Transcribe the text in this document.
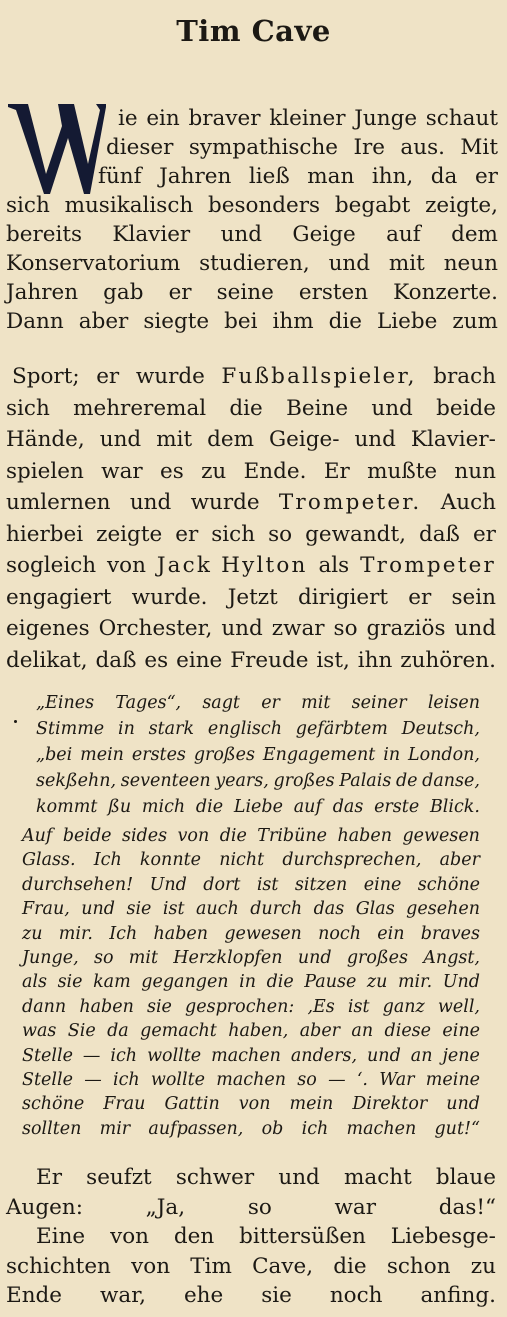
Tim Cave
ie ein braver kleiner Junge schaut
dieser sympathische Ire aus. Mit
fünf Jahren ließ man ihn, da er
sich musikalisch besonders begabt zeigte,
bereits Klavier und Geige auf dem
Konservatorium studieren, und mit neun
Jahren gab er seine ersten Konzerte.
Dann aber siegte bei ihm die Liebe zum
Sport; er wurde Fußballspieler, brach
sich mehreremal die Beine und beide
Hände, und mit dem Geige- und Klavier-
spielen war es zu Ende. Er mußte nun
umlernen und wurde Trompeter. Auch
hierbei zeigte er sich so gewandt, daß er
sogleich von Jack Hylton als Trompeter
engagiert wurde. Jetzt dirigiert er sein
eigenes Orchester, und zwar so graziös und
delikat, daß es eine Freude ist, ihn zuhören.
„Eines Tages“, sagt er mit seiner leisen
Stimme in stark englisch gefärbtem Deutsch,
„bei mein erstes großes Engagement in London,
sekßehn, seventeen years, großes Palais de danse,
kommt ßu mich die Liebe auf das erste Blick.
Auf beide sides von die Tribüne haben gewesen
Glass. Ich konnte nicht durchsprechen, aber
durchsehen! Und dort ist sitzen eine schöne
Frau, und sie ist auch durch das Glas gesehen
zu mir. Ich haben gewesen noch ein braves
Junge, so mit Herzklopfen und großes Angst,
als sie kam gegangen in die Pause zu mir. Und
dann haben sie gesprochen: ‚Es ist ganz well,
was Sie da gemacht haben, aber an diese eine
Stelle — ich wollte machen anders, und an jene
Stelle — ich wollte machen so — ‘. War meine
schöne Frau Gattin von mein Direktor und
sollten mir aufpassen, ob ich machen gut!“
Er seufzt schwer und macht blaue
Augen:	„Ja,	so	war	das!“
Eine von den bittersüßen Liebesge-
schichten von Tim Cave, die schon zu
Ende war, ehe sie noch anfing.
